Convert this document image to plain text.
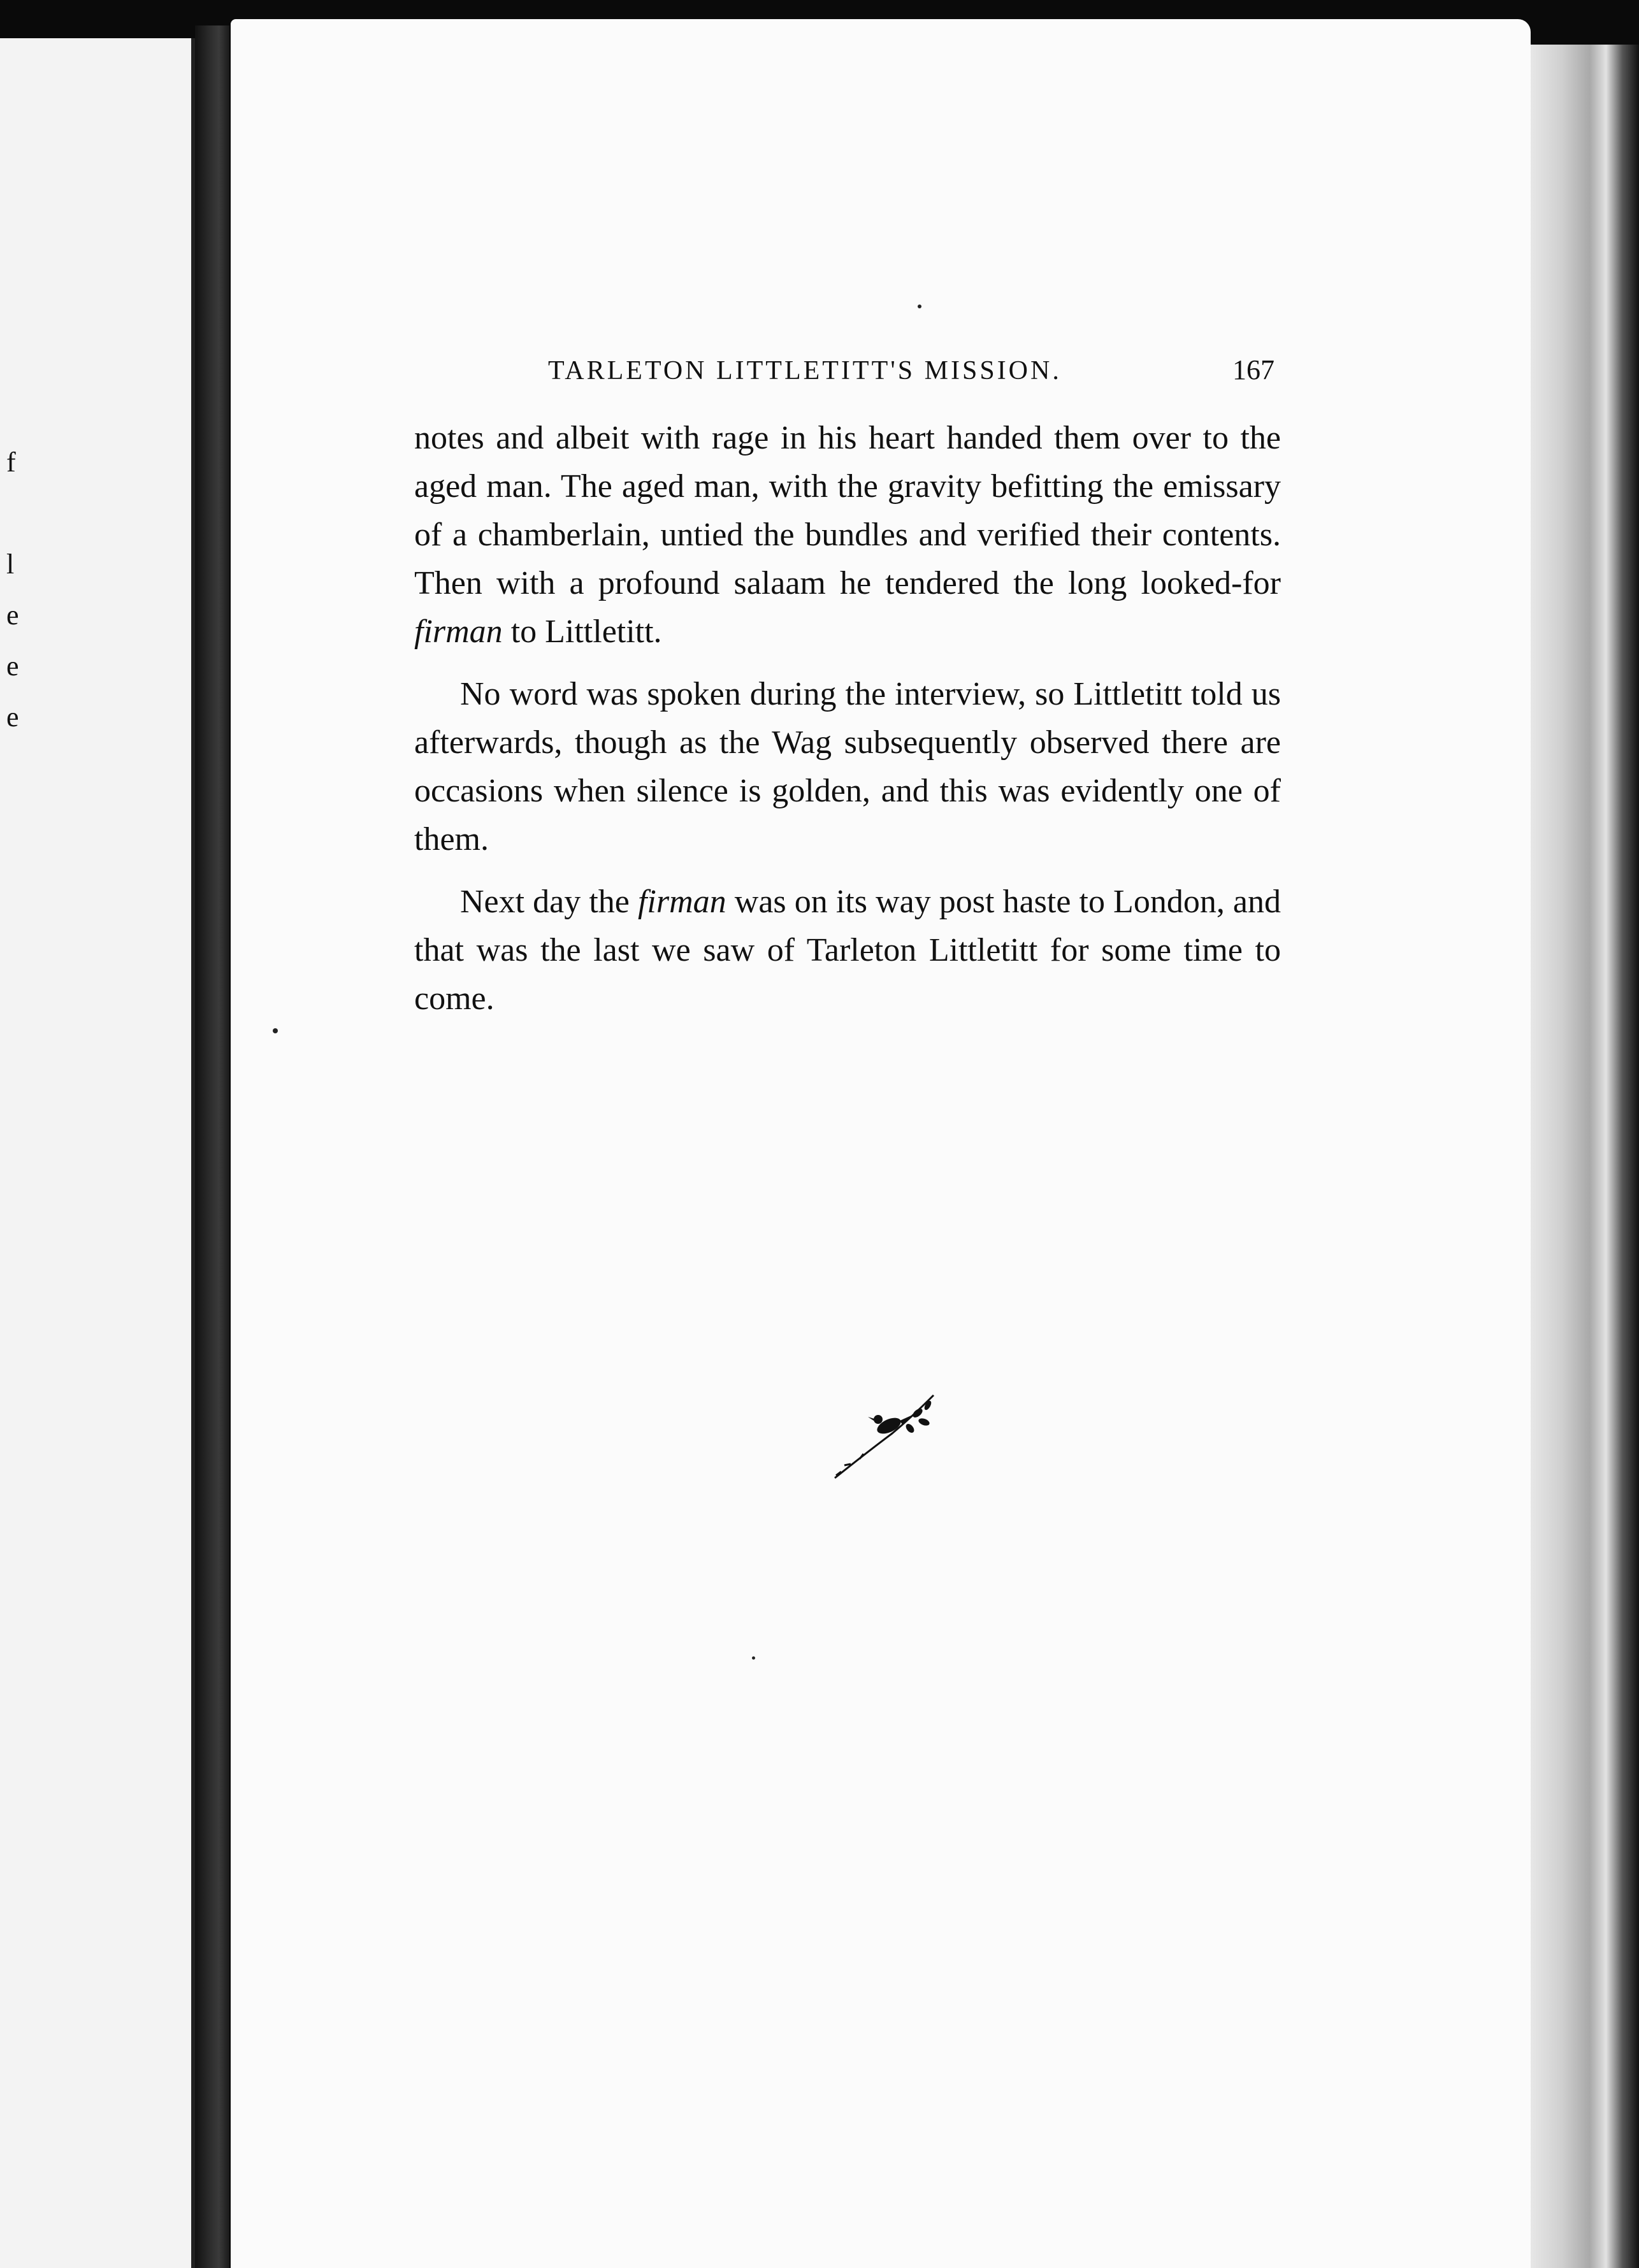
f
l
e
e
e
TARLETON LITTLETITT'S MISSION.	167

notes and albeit with rage in his heart handed them over to the aged man. The aged man, with the gravity befitting the emissary of a chamberlain, untied the bundles and verified their contents. Then with a profound salaam he tendered the long looked-for firman to Littletitt.

No word was spoken during the interview, so Littletitt told us afterwards, though as the Wag subsequently observed there are occasions when silence is golden, and this was evidently one of them.

Next day the firman was on its way post haste to London, and that was the last we saw of Tarleton Littletitt for some time to come.
